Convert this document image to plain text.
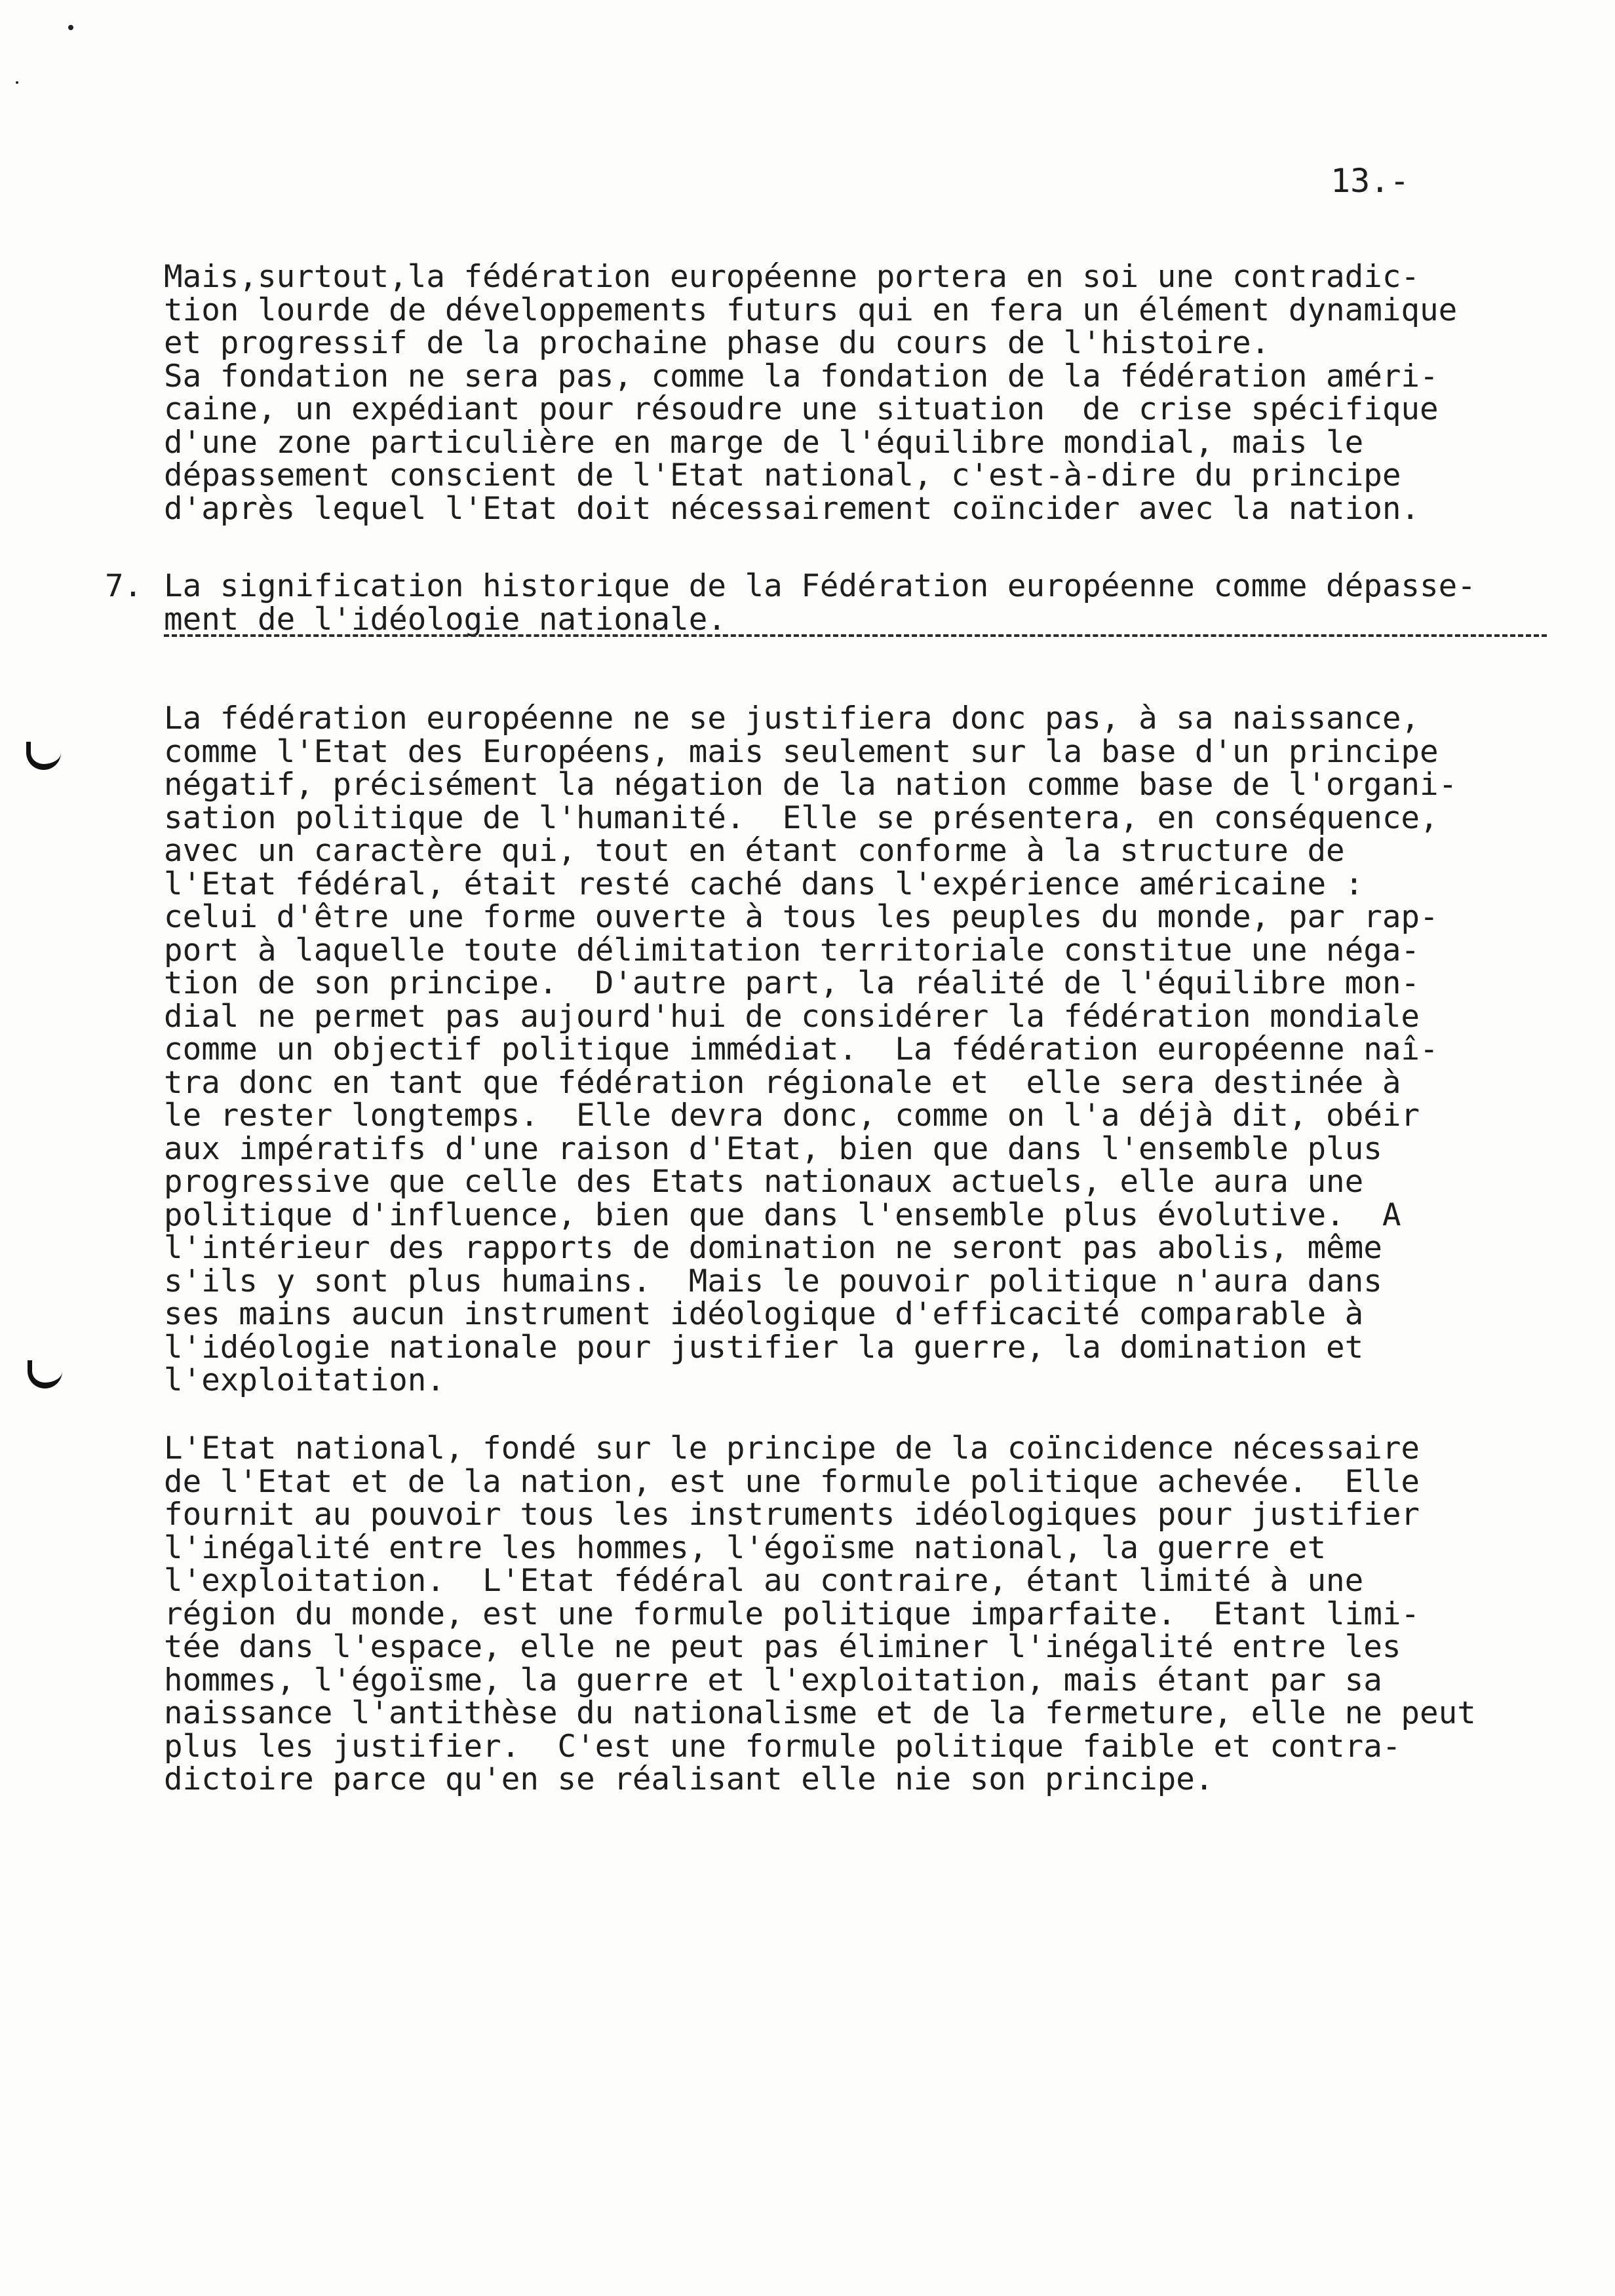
13.-
Mais,surtout,la fédération européenne portera en soi une contradic-
tion lourde de développements futurs qui en fera un élément dynamique
et progressif de la prochaine phase du cours de l'histoire.
Sa fondation ne sera pas, comme la fondation de la fédération améri-
caine, un expédiant pour résoudre une situation  de crise spécifique
d'une zone particulière en marge de l'équilibre mondial, mais le
dépassement conscient de l'Etat national, c'est-à-dire du principe
d'après lequel l'Etat doit nécessairement coïncider avec la nation.
7. La signification historique de la Fédération européenne comme dépasse-
ment de l'idéologie nationale.
La fédération européenne ne se justifiera donc pas, à sa naissance,
comme l'Etat des Européens, mais seulement sur la base d'un principe
négatif, précisément la négation de la nation comme base de l'organi-
sation politique de l'humanité.  Elle se présentera, en conséquence,
avec un caractère qui, tout en étant conforme à la structure de
l'Etat fédéral, était resté caché dans l'expérience américaine :
celui d'être une forme ouverte à tous les peuples du monde, par rap-
port à laquelle toute délimitation territoriale constitue une néga-
tion de son principe.  D'autre part, la réalité de l'équilibre mon-
dial ne permet pas aujourd'hui de considérer la fédération mondiale
comme un objectif politique immédiat.  La fédération européenne naî-
tra donc en tant que fédération régionale et  elle sera destinée à
le rester longtemps.  Elle devra donc, comme on l'a déjà dit, obéir
aux impératifs d'une raison d'Etat, bien que dans l'ensemble plus
progressive que celle des Etats nationaux actuels, elle aura une
politique d'influence, bien que dans l'ensemble plus évolutive.  A
l'intérieur des rapports de domination ne seront pas abolis, même
s'ils y sont plus humains.  Mais le pouvoir politique n'aura dans
ses mains aucun instrument idéologique d'efficacité comparable à
l'idéologie nationale pour justifier la guerre, la domination et
l'exploitation.
L'Etat national, fondé sur le principe de la coïncidence nécessaire
de l'Etat et de la nation, est une formule politique achevée.  Elle
fournit au pouvoir tous les instruments idéologiques pour justifier
l'inégalité entre les hommes, l'égoïsme national, la guerre et
l'exploitation.  L'Etat fédéral au contraire, étant limité à une
région du monde, est une formule politique imparfaite.  Etant limi-
tée dans l'espace, elle ne peut pas éliminer l'inégalité entre les
hommes, l'égoïsme, la guerre et l'exploitation, mais étant par sa
naissance l'antithèse du nationalisme et de la fermeture, elle ne peut
plus les justifier.  C'est une formule politique faible et contra-
dictoire parce qu'en se réalisant elle nie son principe.
